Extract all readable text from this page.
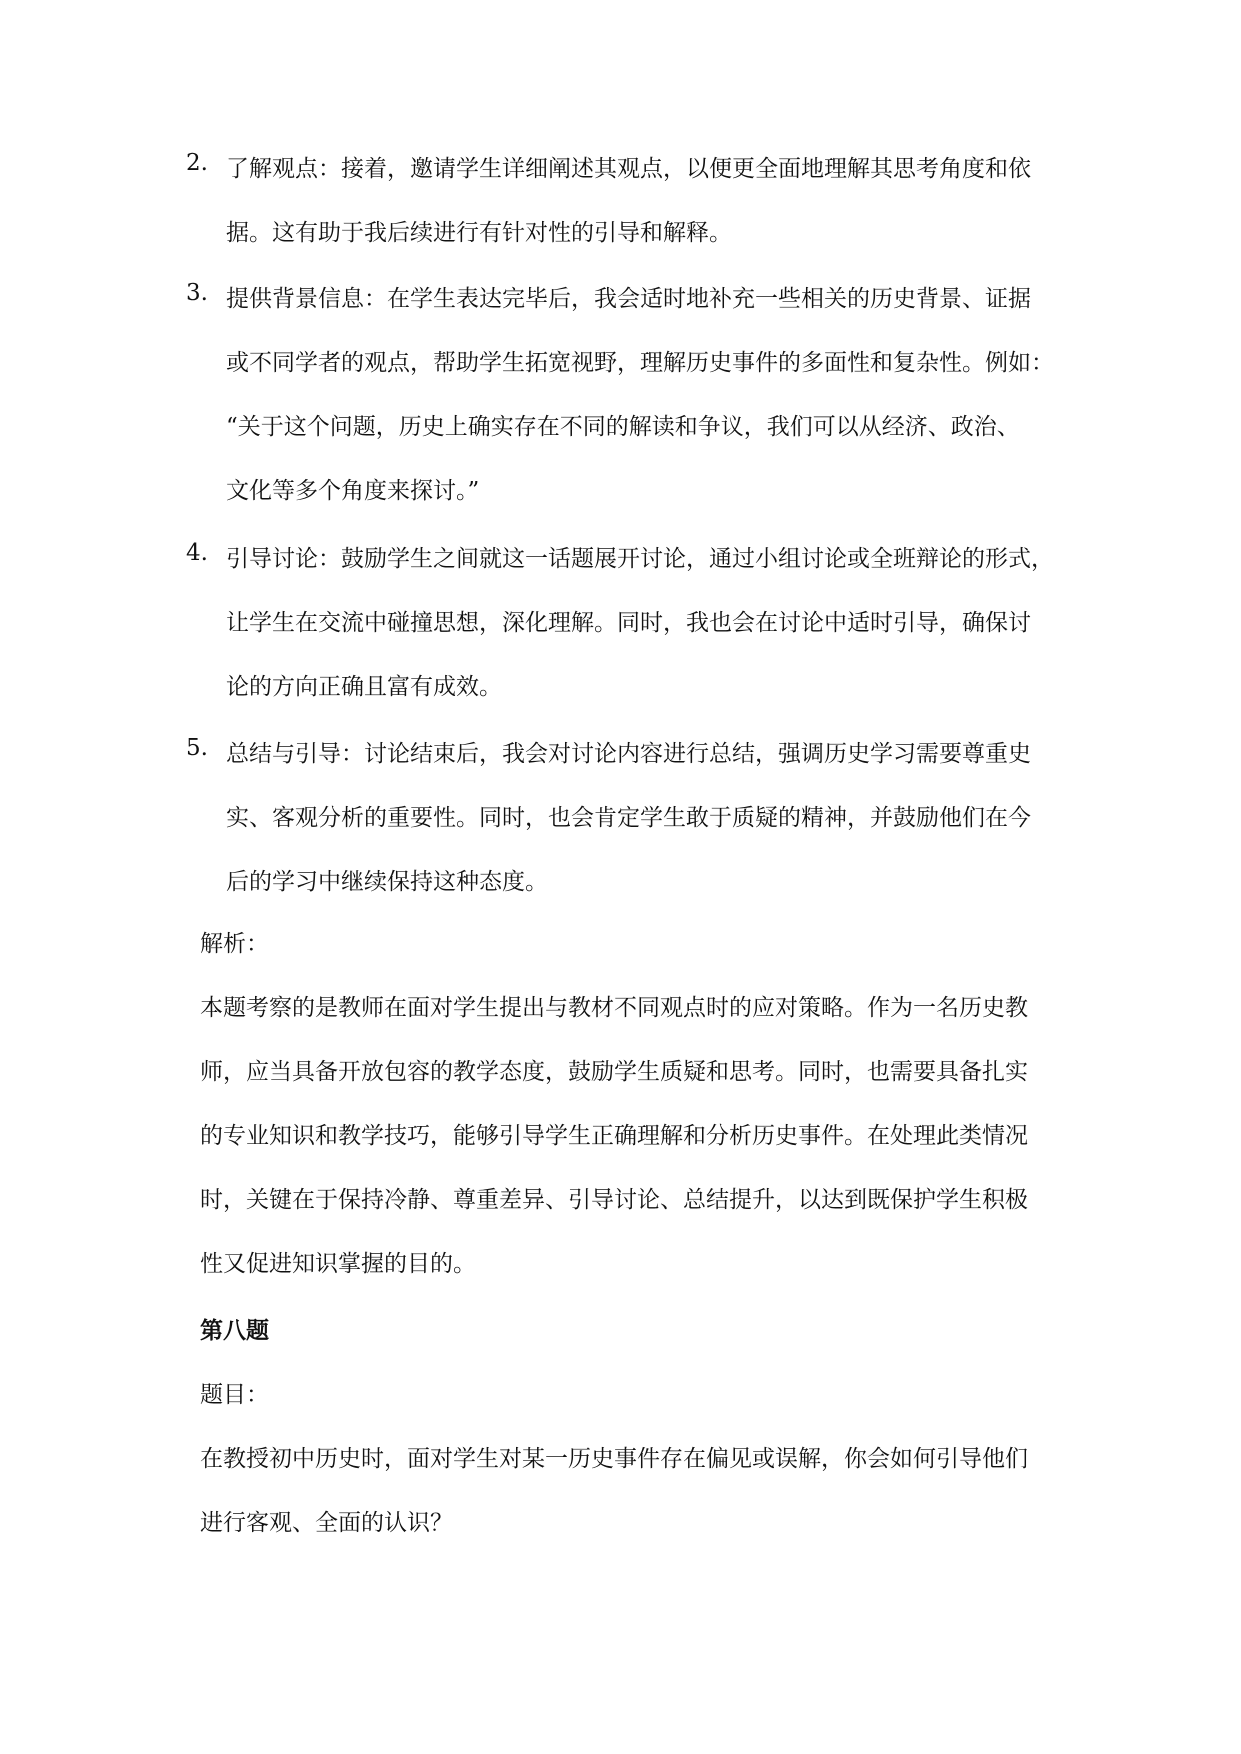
2. 了解观点：接着，邀请学生详细阐述其观点，以便更全面地理解其思考角度和依
据。这有助于我后续进行有针对性的引导和解释。
3. 提供背景信息：在学生表达完毕后，我会适时地补充一些相关的历史背景、证据
或不同学者的观点，帮助学生拓宽视野，理解历史事件的多面性和复杂性。例如：
“关于这个问题，历史上确实存在不同的解读和争议，我们可以从经济、政治、
文化等多个角度来探讨。”
4. 引导讨论：鼓励学生之间就这一话题展开讨论，通过小组讨论或全班辩论的形式，
让学生在交流中碰撞思想，深化理解。同时，我也会在讨论中适时引导，确保讨
论的方向正确且富有成效。
5. 总结与引导：讨论结束后，我会对讨论内容进行总结，强调历史学习需要尊重史
实、客观分析的重要性。同时，也会肯定学生敢于质疑的精神，并鼓励他们在今
后的学习中继续保持这种态度。
解析：
本题考察的是教师在面对学生提出与教材不同观点时的应对策略。作为一名历史教
师，应当具备开放包容的教学态度，鼓励学生质疑和思考。同时，也需要具备扎实
的专业知识和教学技巧，能够引导学生正确理解和分析历史事件。在处理此类情况
时，关键在于保持冷静、尊重差异、引导讨论、总结提升，以达到既保护学生积极
性又促进知识掌握的目的。
第八题
题目：
在教授初中历史时，面对学生对某一历史事件存在偏见或误解，你会如何引导他们
进行客观、全面的认识？
